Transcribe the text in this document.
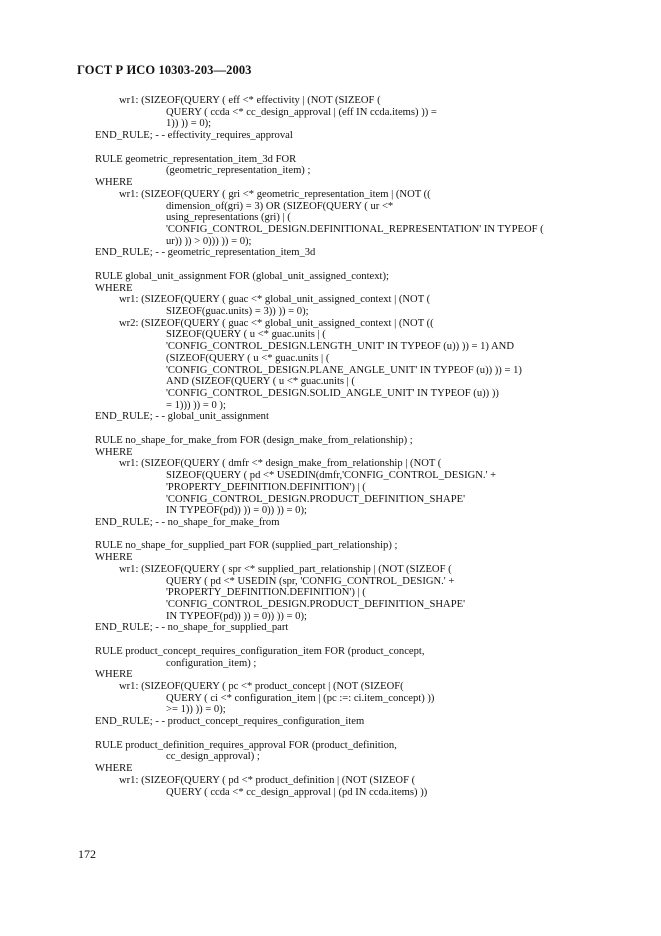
ГОСТ Р ИСО 10303-203—2003
wr1: (SIZEOF(QUERY ( eff <* effectivity | (NOT (SIZEOF (
QUERY ( ccda <* cc_design_approval | (eff IN ccda.items) )) =
1)) )) = 0);
END_RULE; - - effectivity_requires_approval
RULE geometric_representation_item_3d FOR
(geometric_representation_item) ;
WHERE
wr1: (SIZEOF(QUERY ( gri <* geometric_representation_item | (NOT ((
dimension_of(gri) = 3) OR (SIZEOF(QUERY ( ur <*
using_representations (gri) | (
'CONFIG_CONTROL_DESIGN.DEFINITIONAL_REPRESENTATION' IN TYPEOF (
ur)) )) > 0))) )) = 0);
END_RULE; - - geometric_representation_item_3d
RULE global_unit_assignment FOR (global_unit_assigned_context);
WHERE
wr1: (SIZEOF(QUERY ( guac <* global_unit_assigned_context | (NOT (
SIZEOF(guac.units) = 3)) )) = 0);
wr2: (SIZEOF(QUERY ( guac <* global_unit_assigned_context | (NOT ((
SIZEOF(QUERY ( u <* guac.units | (
'CONFIG_CONTROL_DESIGN.LENGTH_UNIT' IN TYPEOF (u)) )) = 1) AND
(SIZEOF(QUERY ( u <* guac.units | (
'CONFIG_CONTROL_DESIGN.PLANE_ANGLE_UNIT' IN TYPEOF (u)) )) = 1)
AND (SIZEOF(QUERY ( u <* guac.units | (
'CONFIG_CONTROL_DESIGN.SOLID_ANGLE_UNIT' IN TYPEOF (u)) ))
= 1))) )) = 0 );
END_RULE; - - global_unit_assignment
RULE no_shape_for_make_from FOR (design_make_from_relationship) ;
WHERE
wr1: (SIZEOF(QUERY ( dmfr <* design_make_from_relationship | (NOT (
SIZEOF(QUERY ( pd <* USEDIN(dmfr,'CONFIG_CONTROL_DESIGN.' +
'PROPERTY_DEFINITION.DEFINITION') | (
'CONFIG_CONTROL_DESIGN.PRODUCT_DEFINITION_SHAPE'
IN TYPEOF(pd)) )) = 0)) )) = 0);
END_RULE; - - no_shape_for_make_from
RULE no_shape_for_supplied_part FOR (supplied_part_relationship) ;
WHERE
wr1: (SIZEOF(QUERY ( spr <* supplied_part_relationship | (NOT (SIZEOF (
QUERY ( pd <* USEDIN (spr, 'CONFIG_CONTROL_DESIGN.' +
'PROPERTY_DEFINITION.DEFINITION') | (
'CONFIG_CONTROL_DESIGN.PRODUCT_DEFINITION_SHAPE'
IN TYPEOF(pd)) )) = 0)) )) = 0);
END_RULE; - - no_shape_for_supplied_part
RULE product_concept_requires_configuration_item FOR (product_concept,
configuration_item) ;
WHERE
wr1: (SIZEOF(QUERY ( pc <* product_concept | (NOT (SIZEOF(
QUERY ( ci <* configuration_item | (pc :=: ci.item_concept) ))
>= 1)) )) = 0);
END_RULE; - - product_concept_requires_configuration_item
RULE product_definition_requires_approval FOR (product_definition,
cc_design_approval) ;
WHERE
wr1: (SIZEOF(QUERY ( pd <* product_definition | (NOT (SIZEOF (
QUERY ( ccda <* cc_design_approval | (pd IN ccda.items) ))
172
